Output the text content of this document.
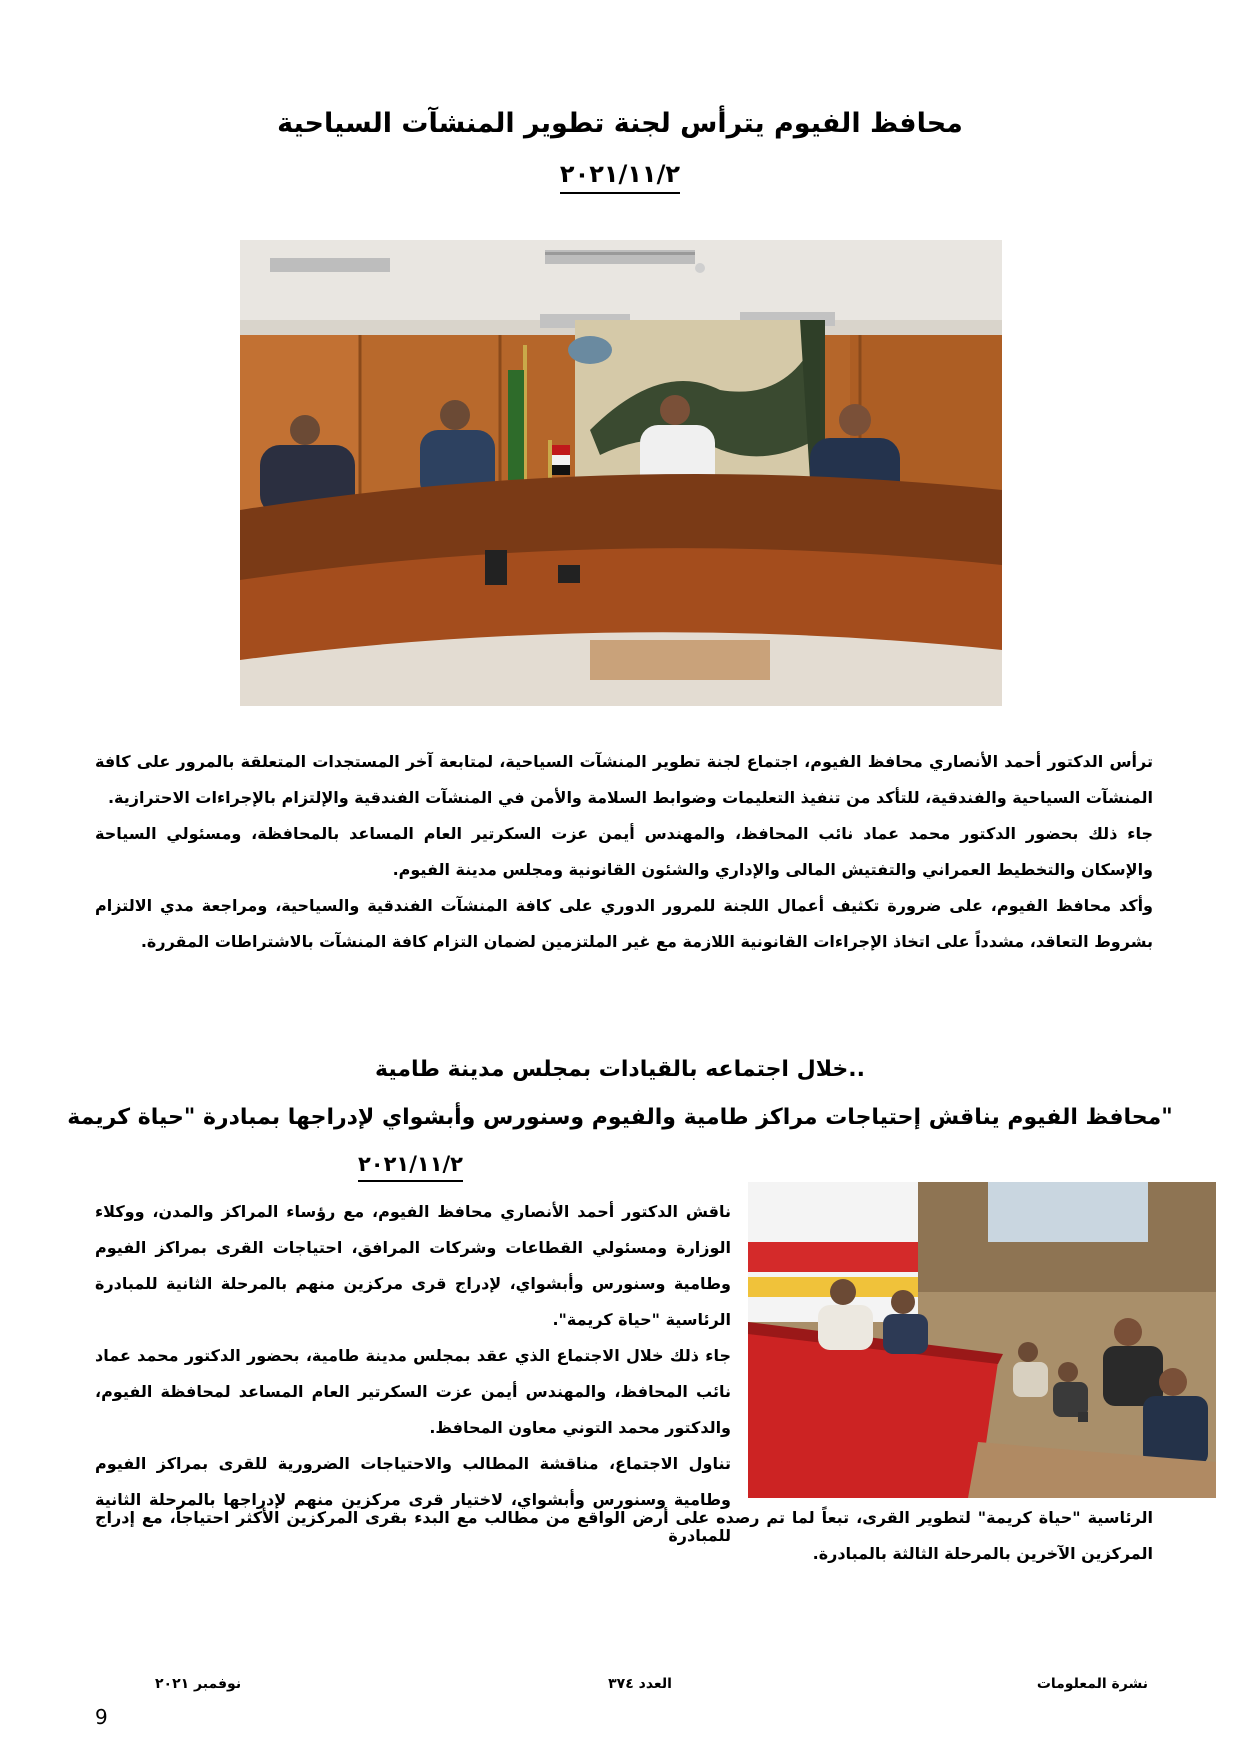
محافظ الفيوم يترأس لجنة تطوير المنشآت السياحية
٢٠٢١/١١/٢
ترأس الدكتور أحمد الأنصاري محافظ الفيوم، اجتماع لجنة تطوير المنشآت السياحية، لمتابعة آخر المستجدات المتعلقة بالمرور على كافة المنشآت السياحية والفندقية، للتأكد من تنفيذ التعليمات وضوابط السلامة والأمن في المنشآت الفندقية والإلتزام بالإجراءات الاحترازية.
جاء ذلك بحضور الدكتور محمد عماد نائب المحافظ، والمهندس أيمن عزت السكرتير العام المساعد بالمحافظة، ومسئولي السياحة والإسكان والتخطيط العمراني والتفتيش المالى والإداري والشئون القانونية ومجلس مدينة الفيوم.
وأكد محافظ الفيوم، على ضرورة تكثيف أعمال اللجنة للمرور الدوري على كافة المنشآت الفندقية والسياحية، ومراجعة مدي الالتزام بشروط التعاقد، مشدداً على اتخاذ الإجراءات القانونية اللازمة مع غير الملتزمين لضمان التزام كافة المنشآت بالاشتراطات المقررة.
خلال اجتماعه بالقيادات بمجلس مدينة طامية..
محافظ الفيوم يناقش إحتياجات مراكز طامية والفيوم وسنورس وأبشواي لإدراجها بمبادرة "حياة كريمة"
٢٠٢١/١١/٢
ناقش الدكتور أحمد الأنصاري محافظ الفيوم، مع رؤساء المراكز والمدن، ووكلاء الوزارة ومسئولي القطاعات وشركات المرافق، احتياجات القرى بمراكز الفيوم وطامية وسنورس وأبشواي، لإدراج قرى مركزين منهم بالمرحلة الثانية للمبادرة الرئاسية "حياة كريمة".
جاء ذلك خلال الاجتماع الذي عقد بمجلس مدينة طامية، بحضور الدكتور محمد عماد نائب المحافظ، والمهندس أيمن عزت السكرتير العام المساعد لمحافظة الفيوم، والدكتور محمد التوني معاون المحافظ.
تناول الاجتماع، مناقشة المطالب والاحتياجات الضرورية للقرى بمراكز الفيوم وطامية وسنورس وأبشواي، لاختيار قرى مركزين منهم لإدراجها بالمرحلة الثانية للمبادرة
الرئاسية "حياة كريمة" لتطوير القرى، تبعاً لما تم رصده على أرض الواقع من مطالب مع البدء بقرى المركزين الأكثر احتياجاً، مع إدراج المركزين الآخرين بالمرحلة الثالثة بالمبادرة.
نشرة المعلومات
العدد ٣٧٤
نوفمبر ٢٠٢١
9
